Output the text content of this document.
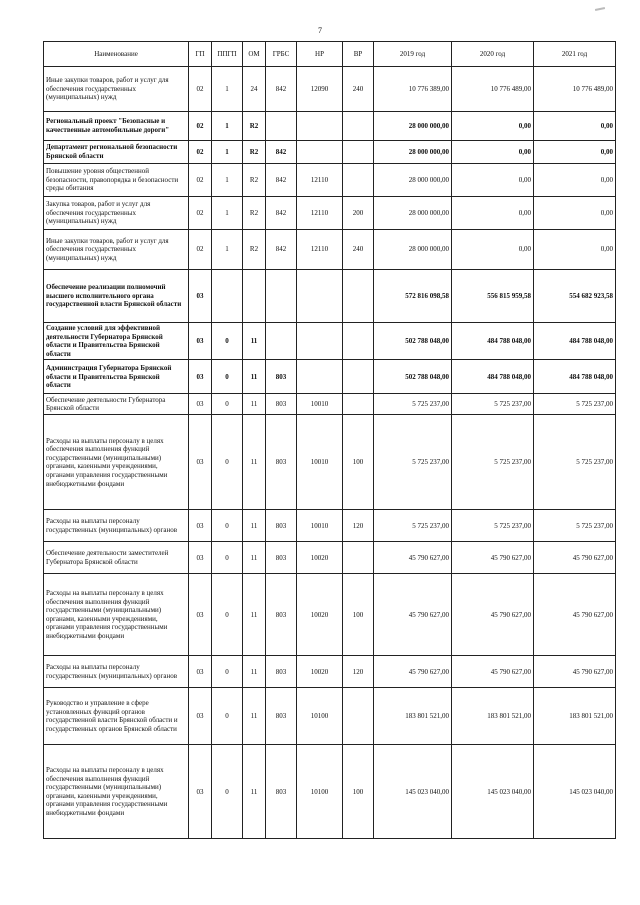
7
Наименование	ГП	ППГП	ОМ	ГРБС	НР	ВР	2019 год	2020 год	2021 год
Иные закупки товаров, работ и услуг для обеспечения государственных (муниципальных) нужд	02	1	24	842	12090	240	10 776 389,00	10 776 489,00	10 776 489,00
Региональный проект "Безопасные и качественные автомобильные дороги"	02	1	R2				28 000 000,00	0,00	0,00
Департамент региональной безопасности Брянской области	02	1	R2	842			28 000 000,00	0,00	0,00
Повышение уровня общественной безопасности, правопорядка и безопасности среды обитания	02	1	R2	842	12110		28 000 000,00	0,00	0,00
Закупка товаров, работ и услуг для обеспечения государственных (муниципальных) нужд	02	1	R2	842	12110	200	28 000 000,00	0,00	0,00
Иные закупки товаров, работ и услуг для обеспечения государственных (муниципальных) нужд	02	1	R2	842	12110	240	28 000 000,00	0,00	0,00
Обеспечение реализации полномочий высшего исполнительного органа государственной власти Брянской области	03						572 816 098,58	556 815 959,58	554 682 923,58
Создание условий для эффективной деятельности Губернатора Брянской области и Правительства Брянской области	03	0	11				502 788 048,00	484 788 048,00	484 788 048,00
Администрация Губернатора Брянской области и Правительства Брянской области	03	0	11	803			502 788 048,00	484 788 048,00	484 788 048,00
Обеспечение деятельности Губернатора Брянской области	03	0	11	803	10010		5 725 237,00	5 725 237,00	5 725 237,00
Расходы на выплаты персоналу в целях обеспечения выполнения функций государственными (муниципальными) органами, казенными учреждениями, органами управления государственными внебюджетными фондами	03	0	11	803	10010	100	5 725 237,00	5 725 237,00	5 725 237,00
Расходы на выплаты персоналу государственных (муниципальных) органов	03	0	11	803	10010	120	5 725 237,00	5 725 237,00	5 725 237,00
Обеспечение деятельности заместителей Губернатора Брянской области	03	0	11	803	10020		45 790 627,00	45 790 627,00	45 790 627,00
Расходы на выплаты персоналу в целях обеспечения выполнения функций государственными (муниципальными) органами, казенными учреждениями, органами управления государственными внебюджетными фондами	03	0	11	803	10020	100	45 790 627,00	45 790 627,00	45 790 627,00
Расходы на выплаты персоналу государственных (муниципальных) органов	03	0	11	803	10020	120	45 790 627,00	45 790 627,00	45 790 627,00
Руководство и управление в сфере установленных функций органов государственной власти Брянской области и государственных органов Брянской области	03	0	11	803	10100		183 801 521,00	183 801 521,00	183 801 521,00
Расходы на выплаты персоналу в целях обеспечения выполнения функций государственными (муниципальными) органами, казенными учреждениями, органами управления государственными внебюджетными фондами	03	0	11	803	10100	100	145 023 040,00	145 023 040,00	145 023 040,00
